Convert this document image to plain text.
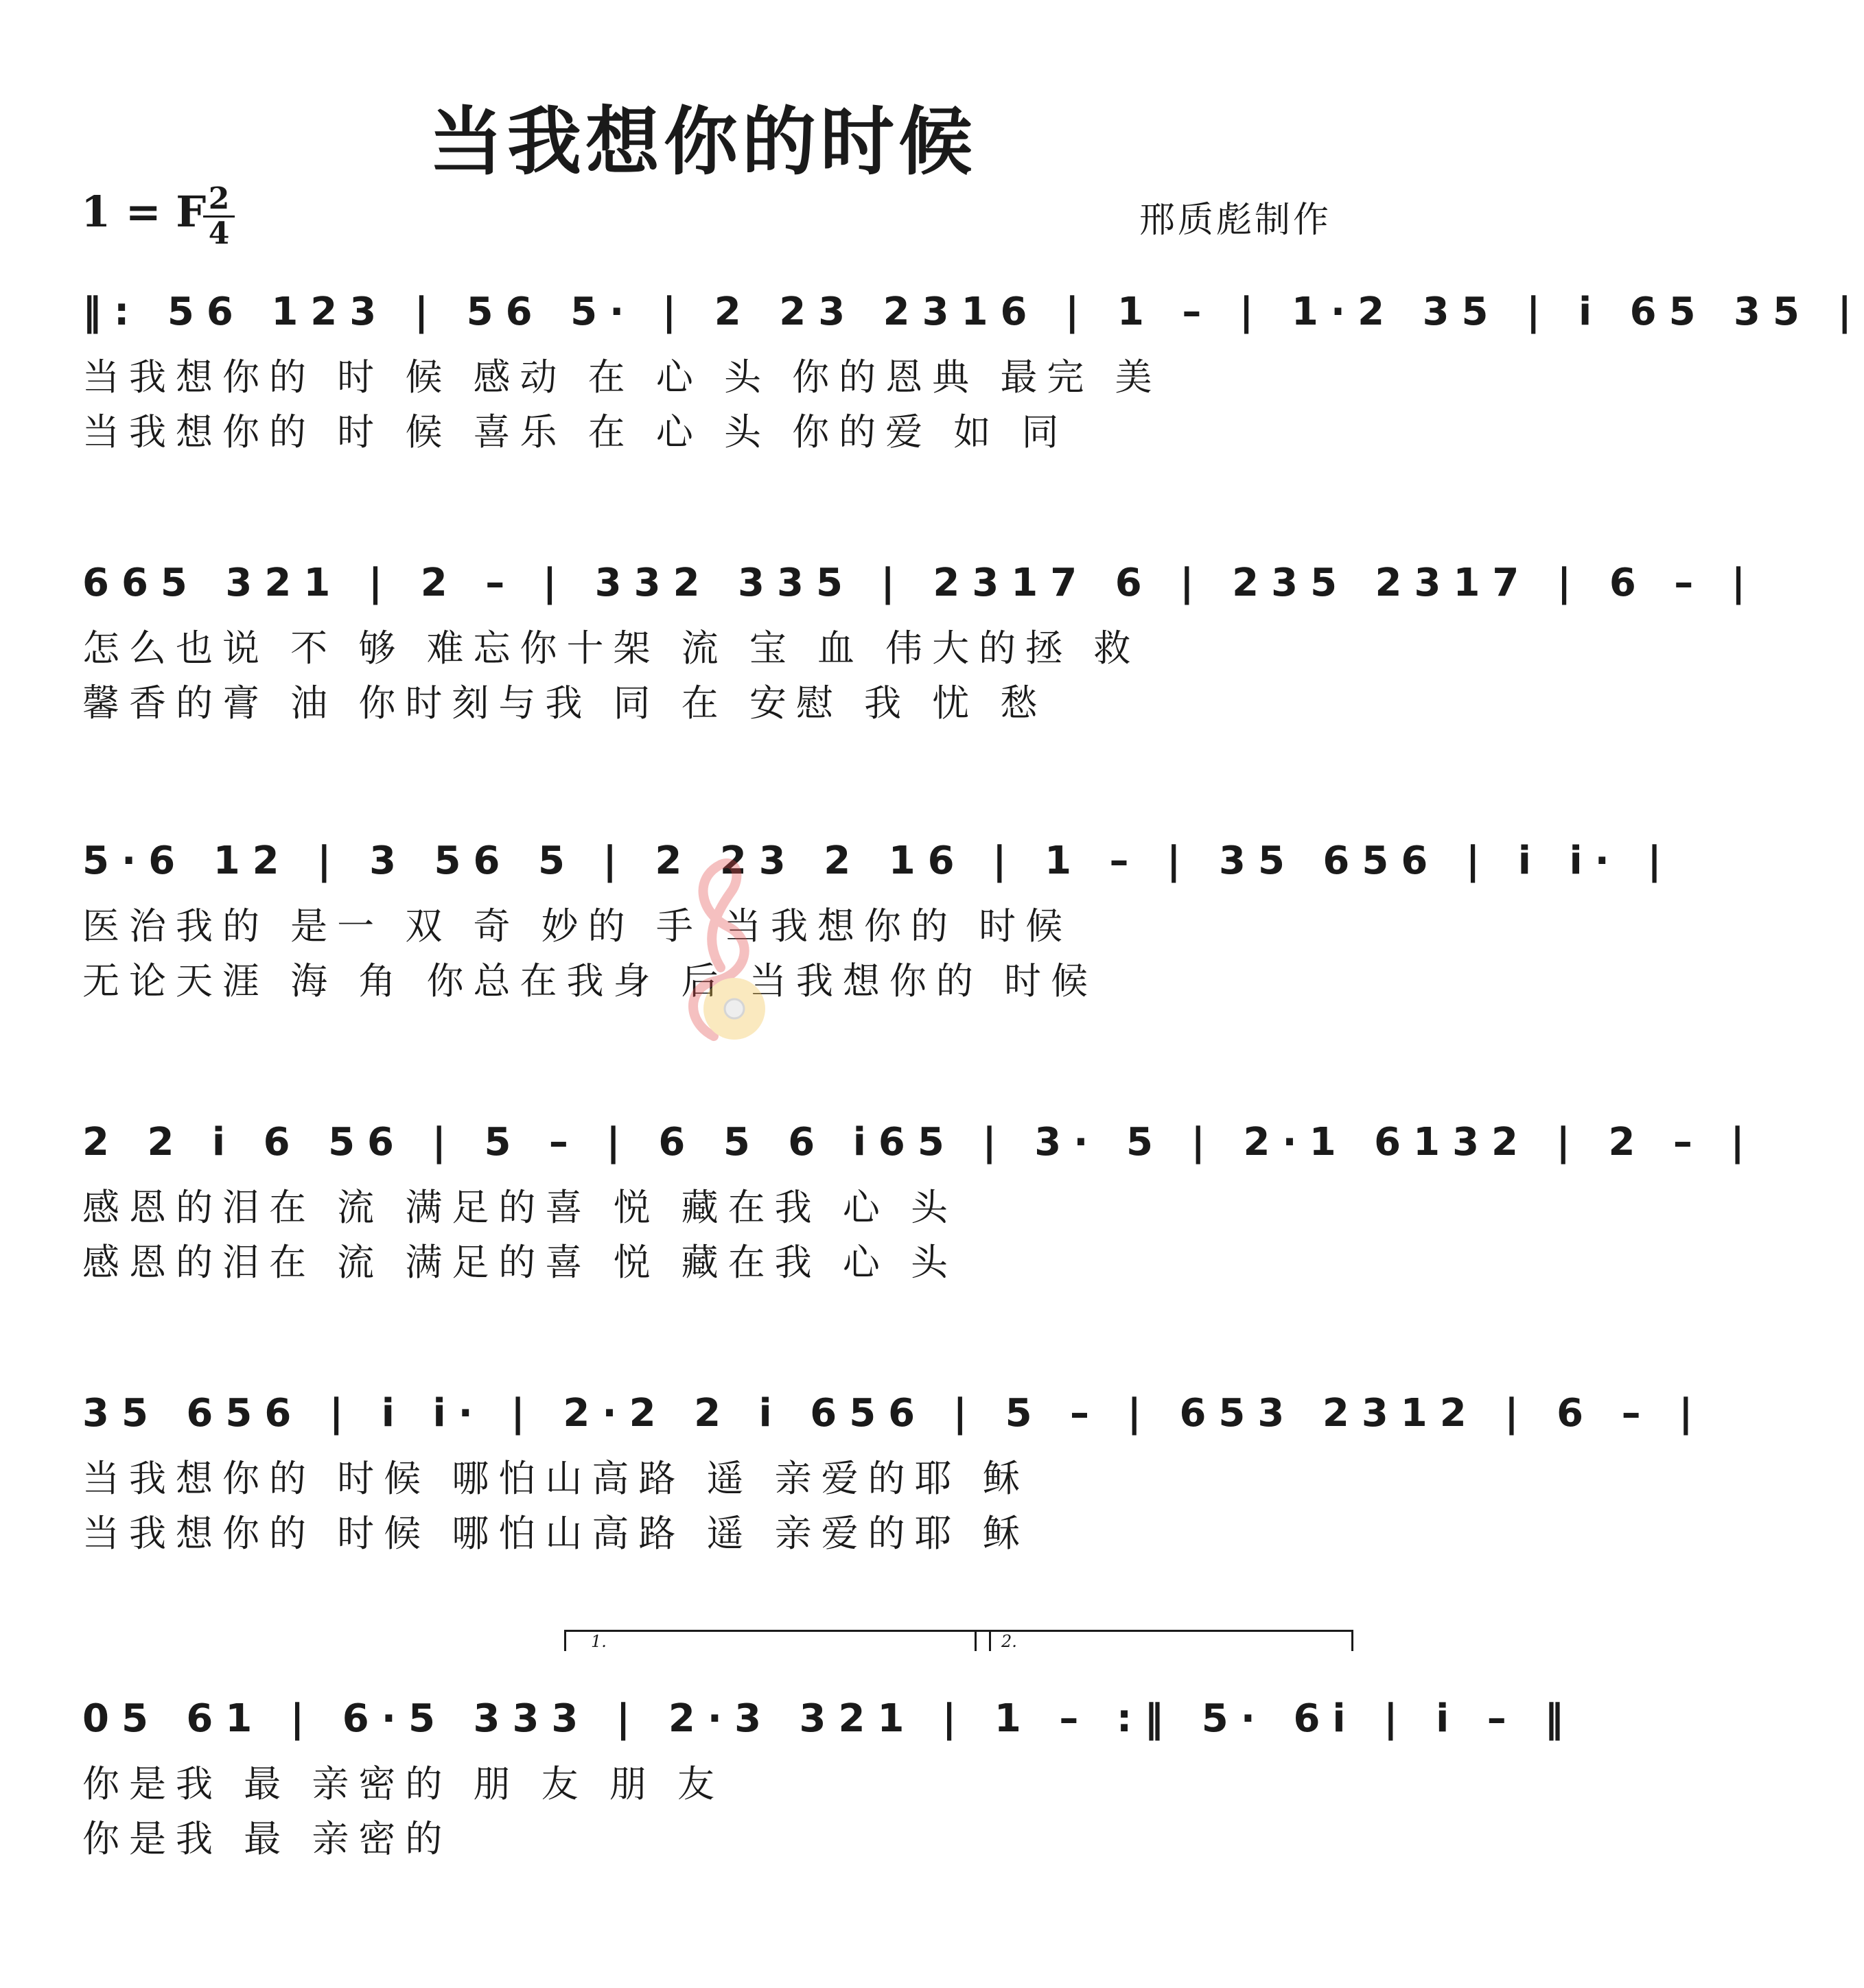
当我想你的时候
1 = F 2
4	邢质彪制作
‖: 56 123 | 56 5· | 2 23 2316 | 1 – | 1·2 35 | i 65 35 |
当我想你的 时 候 感动 在 心 头 你的恩典 最完 美
当我想你的 时 候 喜乐 在 心 头 你的爱 如 同
665 321 | 2 – | 332 335 | 2317 6 | 235 2317 | 6 – |
怎么也说 不 够 难忘你十架 流 宝 血 伟大的拯 救
馨香的膏 油 你时刻与我 同 在 安慰 我 忧 愁
5·6 12 | 3 56 5 | 2 23 2 16 | 1 – | 35 656 | i i· |
医治我的 是一 双 奇 妙的 手 当我想你的 时候
无论天涯 海 角 你总在我身 后 当我想你的 时候
2 2 i 6 56 | 5 – | 6 5 6 i65 | 3· 5 | 2·1 6132 | 2 – |
感恩的泪在 流 满足的喜 悦 藏在我 心 头
感恩的泪在 流 满足的喜 悦 藏在我 心 头
35 656 | i i· | 2·2 2 i 656 | 5 – | 653 2312 | 6 – |
当我想你的 时候 哪怕山高路 遥 亲爱的耶 稣
当我想你的 时候 哪怕山高路 遥 亲爱的耶 稣
1.	2.
05 61 | 6·5 333 | 2·3 321 | 1 – :‖ 5· 6i | i – ‖
你是我 最 亲密的 朋 友 朋 友
你是我 最 亲密的
